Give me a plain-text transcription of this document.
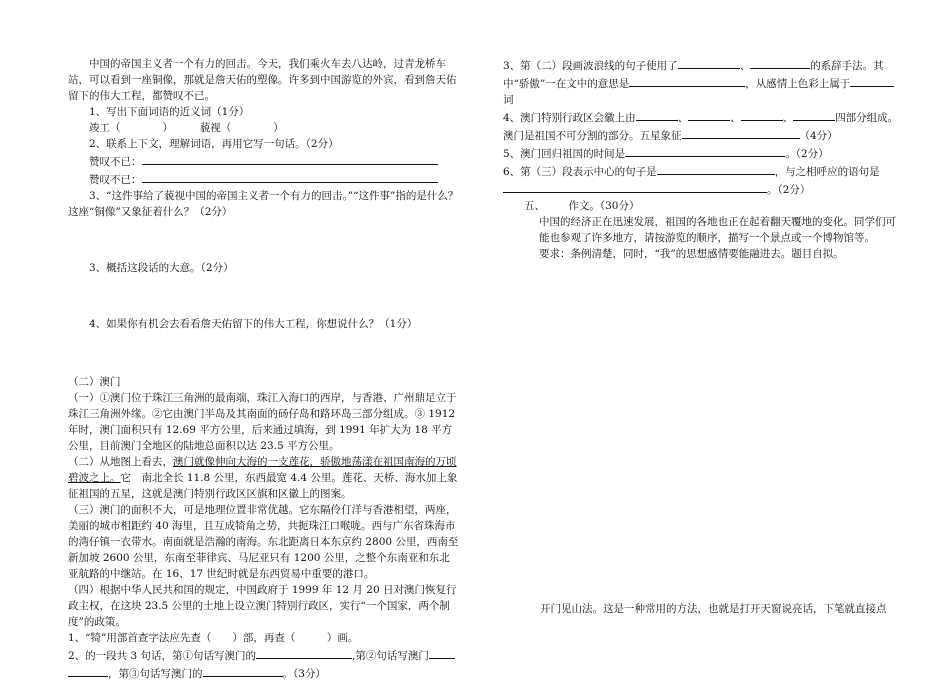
中国的帝国主义者一个有力的回击。今天，我们乘火车去八达岭，过青龙桥车站，可以看到一座铜像，那就是詹天佑的塑像。许多到中国游览的外宾，看到詹天佑留下的伟大工程，都赞叹不已。

1、写出下面词语的近义词（1分）

竣工（　　　　）	藐视（　　　　）

2、联系上下文，理解词语，再用它写一句话。（2分）

赞叹不已：

赞叹不已：

3、“这件事给了藐视中国的帝国主义者一个有力的回击。”“这件事”指的是什么？这座“铜像”又象征着什么？（2分）

3、概括这段话的大意。（2分）

4、如果你有机会去看看詹天佑留下的伟大工程，你想说什么？（1分）

（二）澳门

（一）①澳门位于珠江三角洲的最南端，珠江入海口的西岸，与香港、广州鼎足立于珠江三角洲外缘。②它由澳门半岛及其南面的砀仔岛和路环岛三部分组成。③ 1912年时，澳门面积只有 12.69 平方公里，后来通过填海，到 1991 年扩大为 18 平方公里，目前澳门全地区的陆地总面积以达 23.5 平方公里。

（二）从地图上看去，澳门就像伸向大海的一支莲花，骄傲地荡漾在祖国南海的万顷碧波之上。它　南北全长 11.8 公里，东西最宽 4.4 公里。莲花、天桥、海水加上象征祖国的五星，这就是澳门特别行政区区旗和区徽上的图案。

（三）澳门的面积不大，可是地理位置非常优越。它东隔伶仃洋与香港相望，两座，美丽的城市相距约 40 海里，且互成犄角之势，共扼珠江口喉咙。西与广东省珠海市的湾仔镇一衣带水。南面就是浩瀚的南海。东北距离日本东京约 2800 公里，西南至新加坡 2600 公里，东南至菲律宾、马尼亚只有 1200 公里，之整个东南亚和东北亚航路的中继站。在 16、17 世纪时就是东西贸易中重要的港口。

（四）根据中华人民共和国的规定，中国政府于 1999 年 12 月 20 日对澳门恢复行政主权，在这块 23.5 公里的土地上设立澳门特别行政区，实行“一个国家，两个制度”的政策。

1、“犄”用部首查字法应先查（　　）部，再查（　　　）画。

2、的一段共 3 句话，第①句话写澳门的	,第②句话写澳门
，第③句话写澳门的	。（3分）

3、第（二）段画波浪线的句子使用了	、	的系辞手法。其中“骄傲”一在文中的意思是	，从感情上色彩上属于
词

4、澳门特别行政区会徽上由	、	、	、	四部分组成。
澳门是祖国不可分割的部分。五星象征	（4分）

5、澳门回归祖国的时间是	。（2分）

6、第（三）段表示中心的句子是	，与之相呼应的语句是
。（2分）

五、 作文。（30分）

中国的经济正在迅速发展，祖国的各地也正在起着翻天覆地的变化。同学们可能也参观了许多地方，请按游览的顺序，描写一个景点或一个博物馆等。

要求：条例清楚，同时，“我”的思想感情要能融进去。题目自拟。

开门见山法。这是一种常用的方法，也就是打开天窗说亮话，下笔就直接点
